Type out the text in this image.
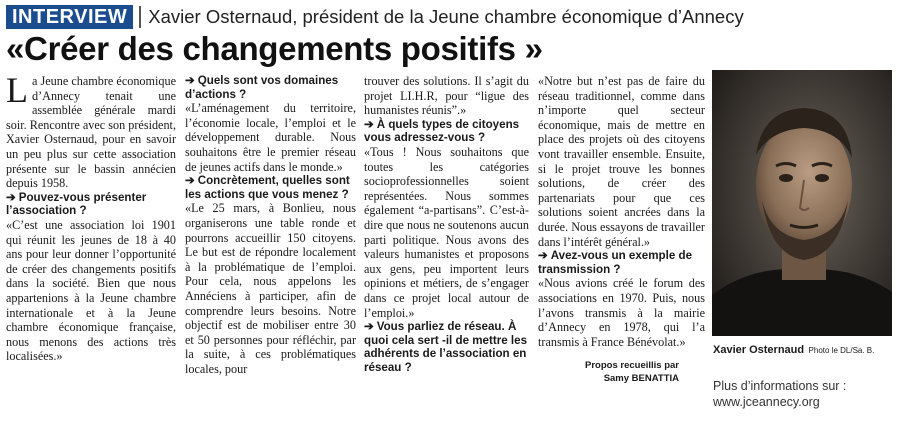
INTERVIEW	Xavier Osternaud, président de la Jeune chambre économique d’Annecy
«Créer des changements positifs »

La Jeune chambre économique d’Annecy tenait une assemblée générale mardi soir. Rencontre avec son président, Xavier Osternaud, pour en savoir un peu plus sur cette association présente sur le bassin annécien depuis 1958.

➔ Pouvez-vous présenter l’association ?

«C’est une association loi 1901 qui réunit les jeunes de 18 à 40 ans pour leur donner l’opportunité de créer des changements positifs dans la société. Bien que nous appartenions à la Jeune chambre internationale et à la Jeune chambre économique française, nous menons des actions très localisées.»

➔ Quels sont vos domaines d’actions ?

«L’aménagement du territoire, l’économie locale, l’emploi et le développement durable. Nous souhaitons être le premier réseau de jeunes actifs dans le monde.»

➔ Concrètement, quelles sont les actions que vous menez ?

«Le 25 mars, à Bonlieu, nous organiserons une table ronde et pourrons accueillir 150 citoyens. Le but est de répondre localement à la problématique de l’emploi. Pour cela, nous appelons les Annéciens à participer, afin de comprendre leurs besoins. Notre objectif est de mobiliser entre 30 et 50 personnes pour réfléchir, par la suite, à ces problématiques locales, pour

trouver des solutions. Il s’agit du projet LI.H.R, pour “ligue des humanistes réunis”.»

➔ À quels types de citoyens vous adressez-vous ?

«Tous ! Nous souhaitons que toutes les catégories socioprofessionnelles soient représentées. Nous sommes également “a-partisans”. C’est-à-dire que nous ne soutenons aucun parti politique. Nous avons des valeurs humanistes et proposons aux gens, peu importent leurs opinions et métiers, de s’engager dans ce projet local autour de l’emploi.»

➔ Vous parliez de réseau. À quoi cela sert -il de mettre les adhérents de l’association en réseau ?

«Notre but n’est pas de faire du réseau traditionnel, comme dans n’importe quel secteur économique, mais de mettre en place des projets où des citoyens vont travailler ensemble. Ensuite, si le projet trouve les bonnes solutions, de créer des partenariats pour que ces solutions soient ancrées dans la durée. Nous essayons de travailler dans l’intérêt général.»

➔ Avez-vous un exemple de transmission ?

«Nous avions créé le forum des associations en 1970. Puis, nous l’avons transmis à la mairie d’Annecy en 1978, qui l’a transmis à France Bénévolat.»

Propos recueillis par
Samy BENATTIA
Xavier Osternaud Photo le DL/Sa. B.
Plus d’informations sur :
www.jceannecy.org
